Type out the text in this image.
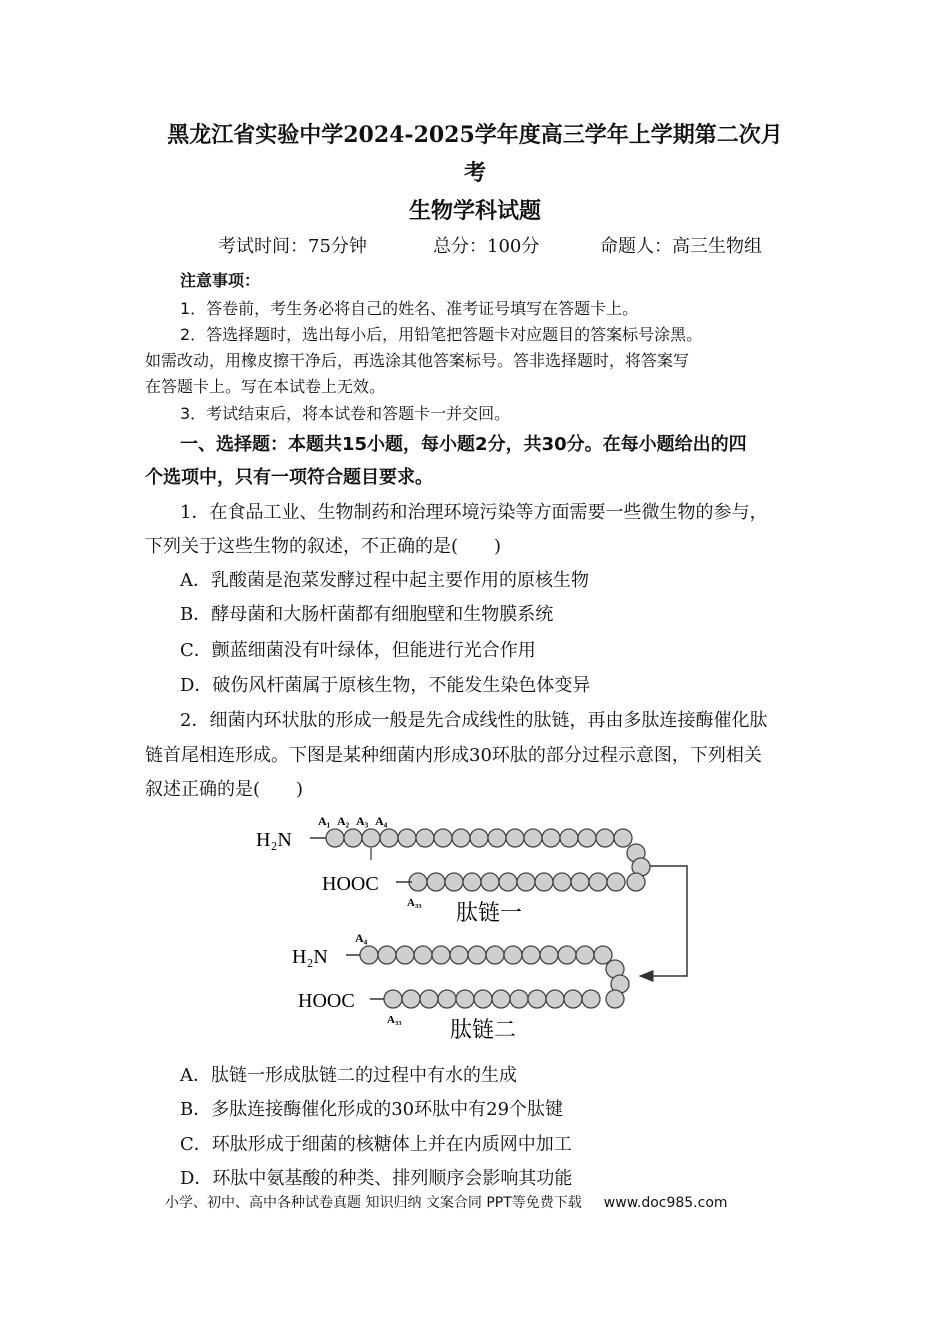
黑龙江省实验中学2024-2025学年度高三学年上学期第二次月
考
生物学科试题
考试时间：75分钟	总分：100分	命题人：高三生物组
注意事项：
1．答卷前，考生务必将自己的姓名、准考证号填写在答题卡上。
2．答选择题时，选出每小后，用铅笔把答题卡对应题目的答案标号涂黑。
如需改动，用橡皮擦干净后，再选涂其他答案标号。答非选择题时，将答案写
在答题卡上。写在本试卷上无效。
3．考试结束后，将本试卷和答题卡一并交回。
一、选择题：本题共15小题，每小题2分，共30分。在每小题给出的四
个选项中，只有一项符合题目要求。
1．在食品工业、生物制药和治理环境污染等方面需要一些微生物的参与，
下列关于这些生物的叙述，不正确的是(　　)
A．乳酸菌是泡菜发酵过程中起主要作用的原核生物
B．酵母菌和大肠杆菌都有细胞壁和生物膜系统
C．颤蓝细菌没有叶绿体，但能进行光合作用
D．破伤风杆菌属于原核生物，不能发生染色体变异
2．细菌内环状肽的形成一般是先合成线性的肽链，再由多肽连接酶催化肽
链首尾相连形成。下图是某种细菌内形成30环肽的部分过程示意图，下列相关
叙述正确的是(　　)
H₂N
HOOC
A₁ A₂ A₃ A₄
A₃₃ 肽链一
H₂N
HOOC
A₄
A₃₃ 肽链二
A．肽链一形成肽链二的过程中有水的生成
B．多肽连接酶催化形成的30环肽中有29个肽键
C．环肽形成于细菌的核糖体上并在内质网中加工
D．环肽中氨基酸的种类、排列顺序会影响其功能
小学、初中、高中各种试卷真题 知识归纳 文案合同 PPT等免费下载 www.doc985.com
